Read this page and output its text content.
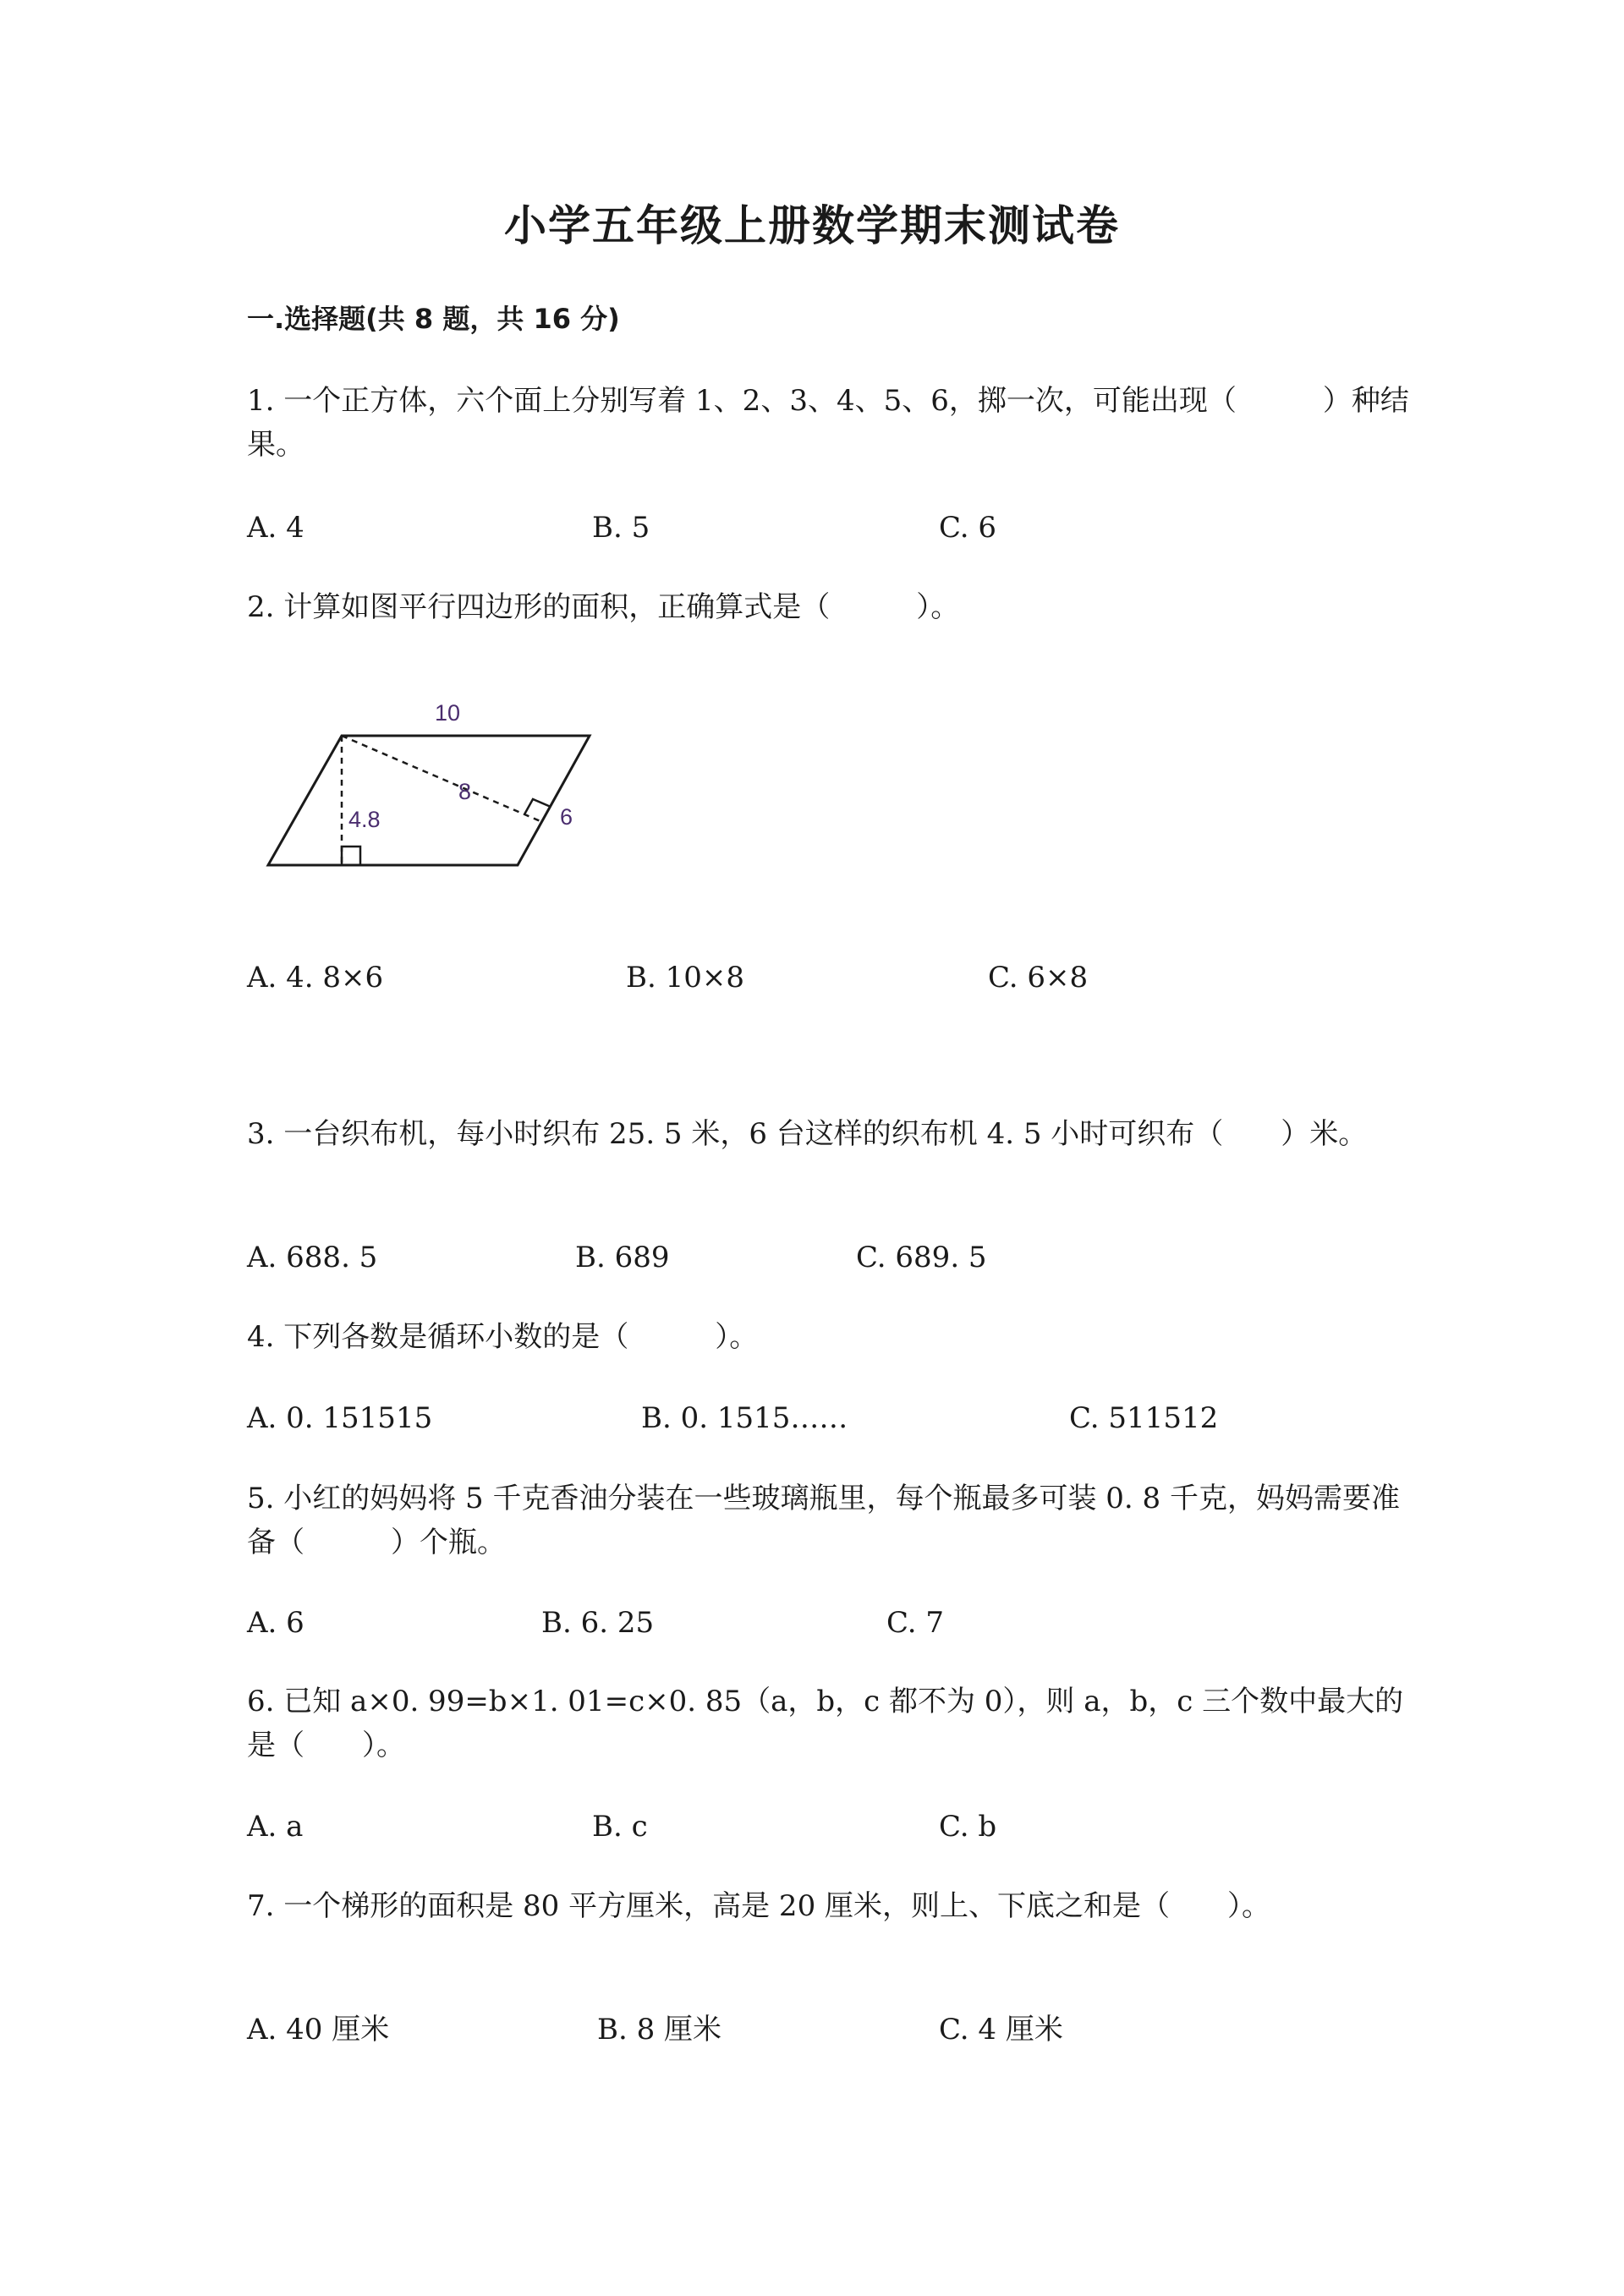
小学五年级上册数学期末测试卷
一.选择题(共 8 题，共 16 分)

1. 一个正方体，六个面上分别写着 1、2、3、4、5、6，掷一次，可能出现（　　　）种结果。

A. 4	B. 5	C. 6

2. 计算如图平行四边形的面积，正确算式是（　　　）。

10
4.8
8
6
A. 4. 8×6	B. 10×8	C. 6×8

3. 一台织布机，每小时织布 25. 5 米，6 台这样的织布机 4. 5 小时可织布（　　）米。

A. 688. 5	B. 689	C. 689. 5

4. 下列各数是循环小数的是（　　　）。

A. 0. 151515	B. 0. 1515……	C. 511512

5. 小红的妈妈将 5 千克香油分装在一些玻璃瓶里，每个瓶最多可装 0. 8 千克，妈妈需要准备（　　　）个瓶。

A. 6	B. 6. 25	C. 7

6. 已知 a×0. 99=b×1. 01=c×0. 85（a，b，c 都不为 0），则 a，b，c 三个数中最大的是（　　）。

A. a	B. c	C. b

7. 一个梯形的面积是 80 平方厘米，高是 20 厘米，则上、下底之和是（　　）。

A. 40 厘米	B. 8 厘米	C. 4 厘米
